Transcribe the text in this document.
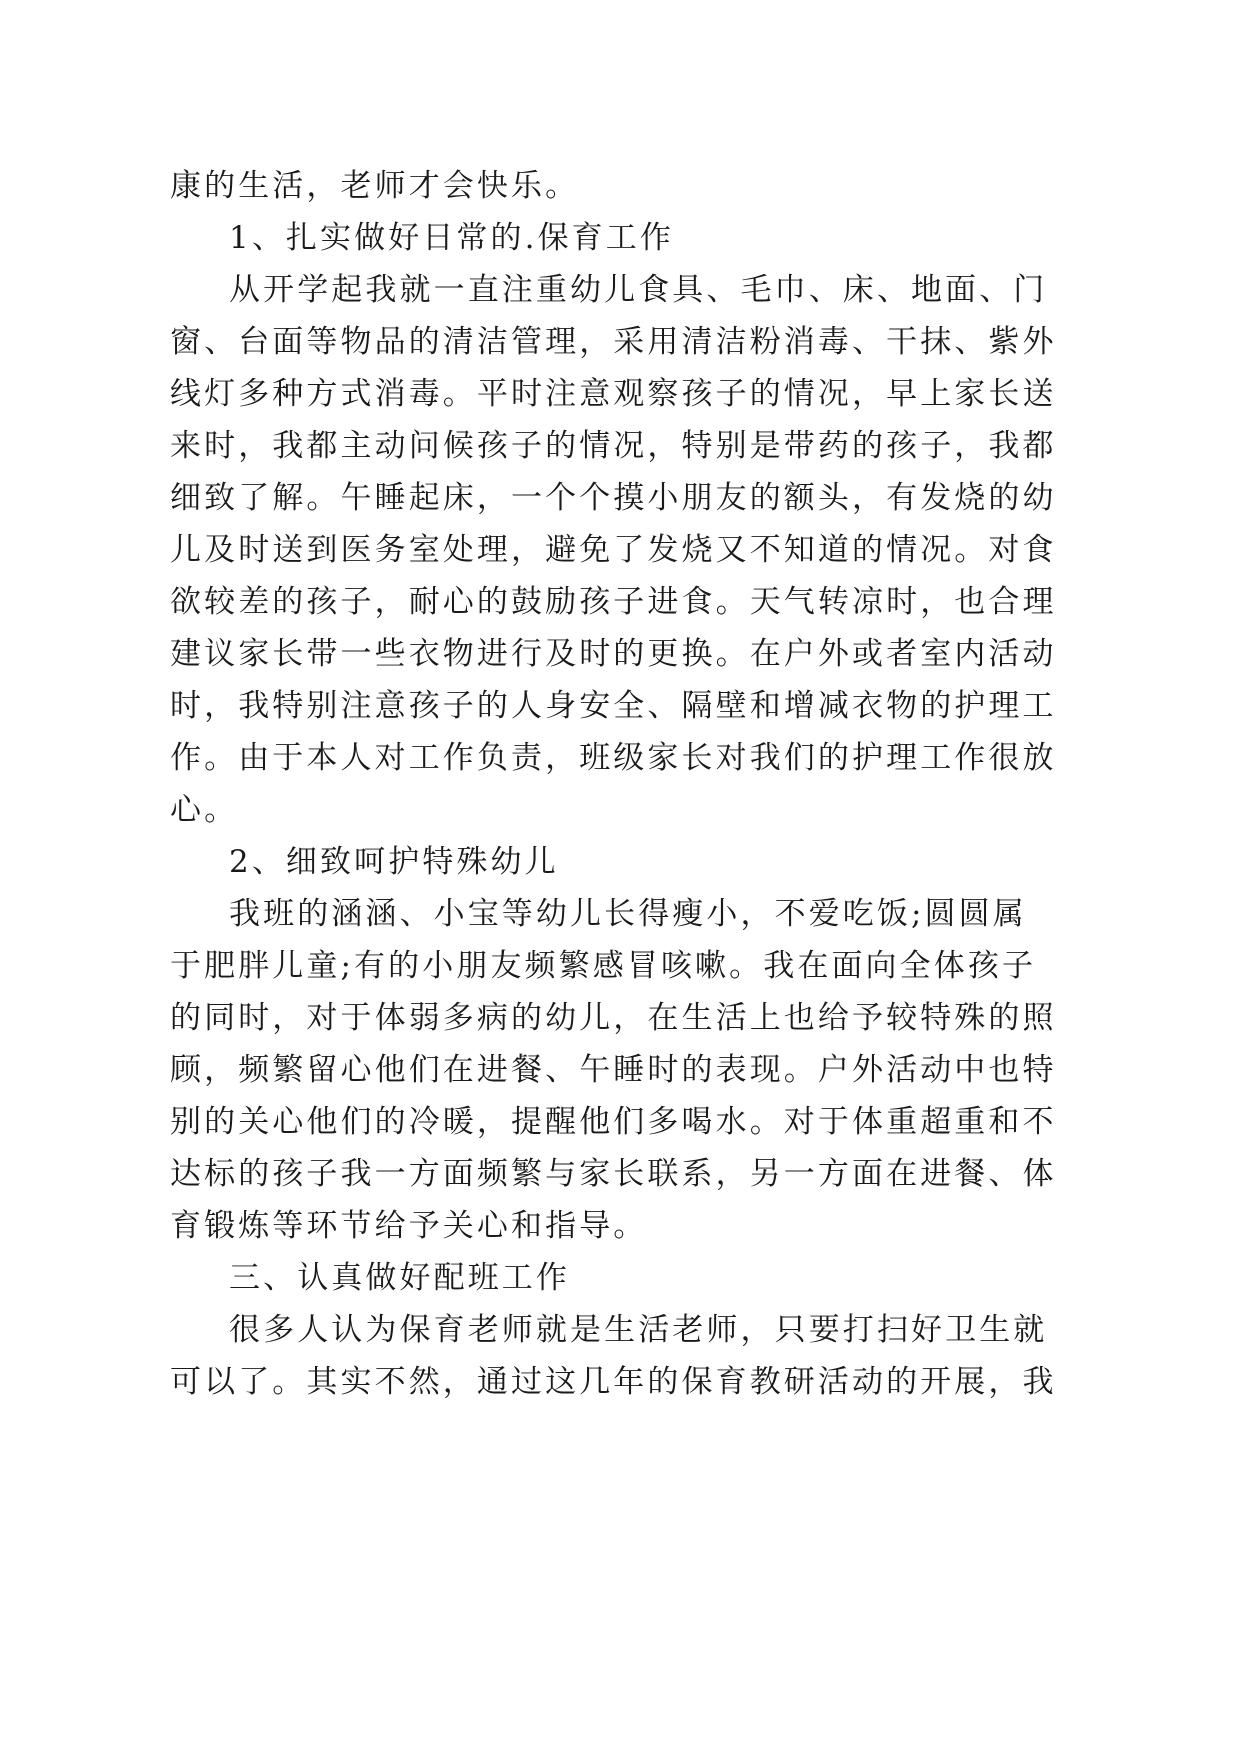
康的生活，老师才会快乐。
1、扎实做好日常的.保育工作
从开学起我就一直注重幼儿食具、毛巾、床、地面、门
窗、台面等物品的清洁管理，采用清洁粉消毒、干抹、紫外
线灯多种方式消毒。平时注意观察孩子的情况，早上家长送
来时，我都主动问候孩子的情况，特别是带药的孩子，我都
细致了解。午睡起床，一个个摸小朋友的额头，有发烧的幼
儿及时送到医务室处理，避免了发烧又不知道的情况。对食
欲较差的孩子，耐心的鼓励孩子进食。天气转凉时，也合理
建议家长带一些衣物进行及时的更换。在户外或者室内活动
时，我特别注意孩子的人身安全、隔壁和增减衣物的护理工
作。由于本人对工作负责，班级家长对我们的护理工作很放
心。
2、细致呵护特殊幼儿
我班的涵涵、小宝等幼儿长得瘦小，不爱吃饭;圆圆属
于肥胖儿童;有的小朋友频繁感冒咳嗽。我在面向全体孩子
的同时，对于体弱多病的幼儿，在生活上也给予较特殊的照
顾，频繁留心他们在进餐、午睡时的表现。户外活动中也特
别的关心他们的冷暖，提醒他们多喝水。对于体重超重和不
达标的孩子我一方面频繁与家长联系，另一方面在进餐、体
育锻炼等环节给予关心和指导。
三、认真做好配班工作
很多人认为保育老师就是生活老师，只要打扫好卫生就
可以了。其实不然，通过这几年的保育教研活动的开展，我
